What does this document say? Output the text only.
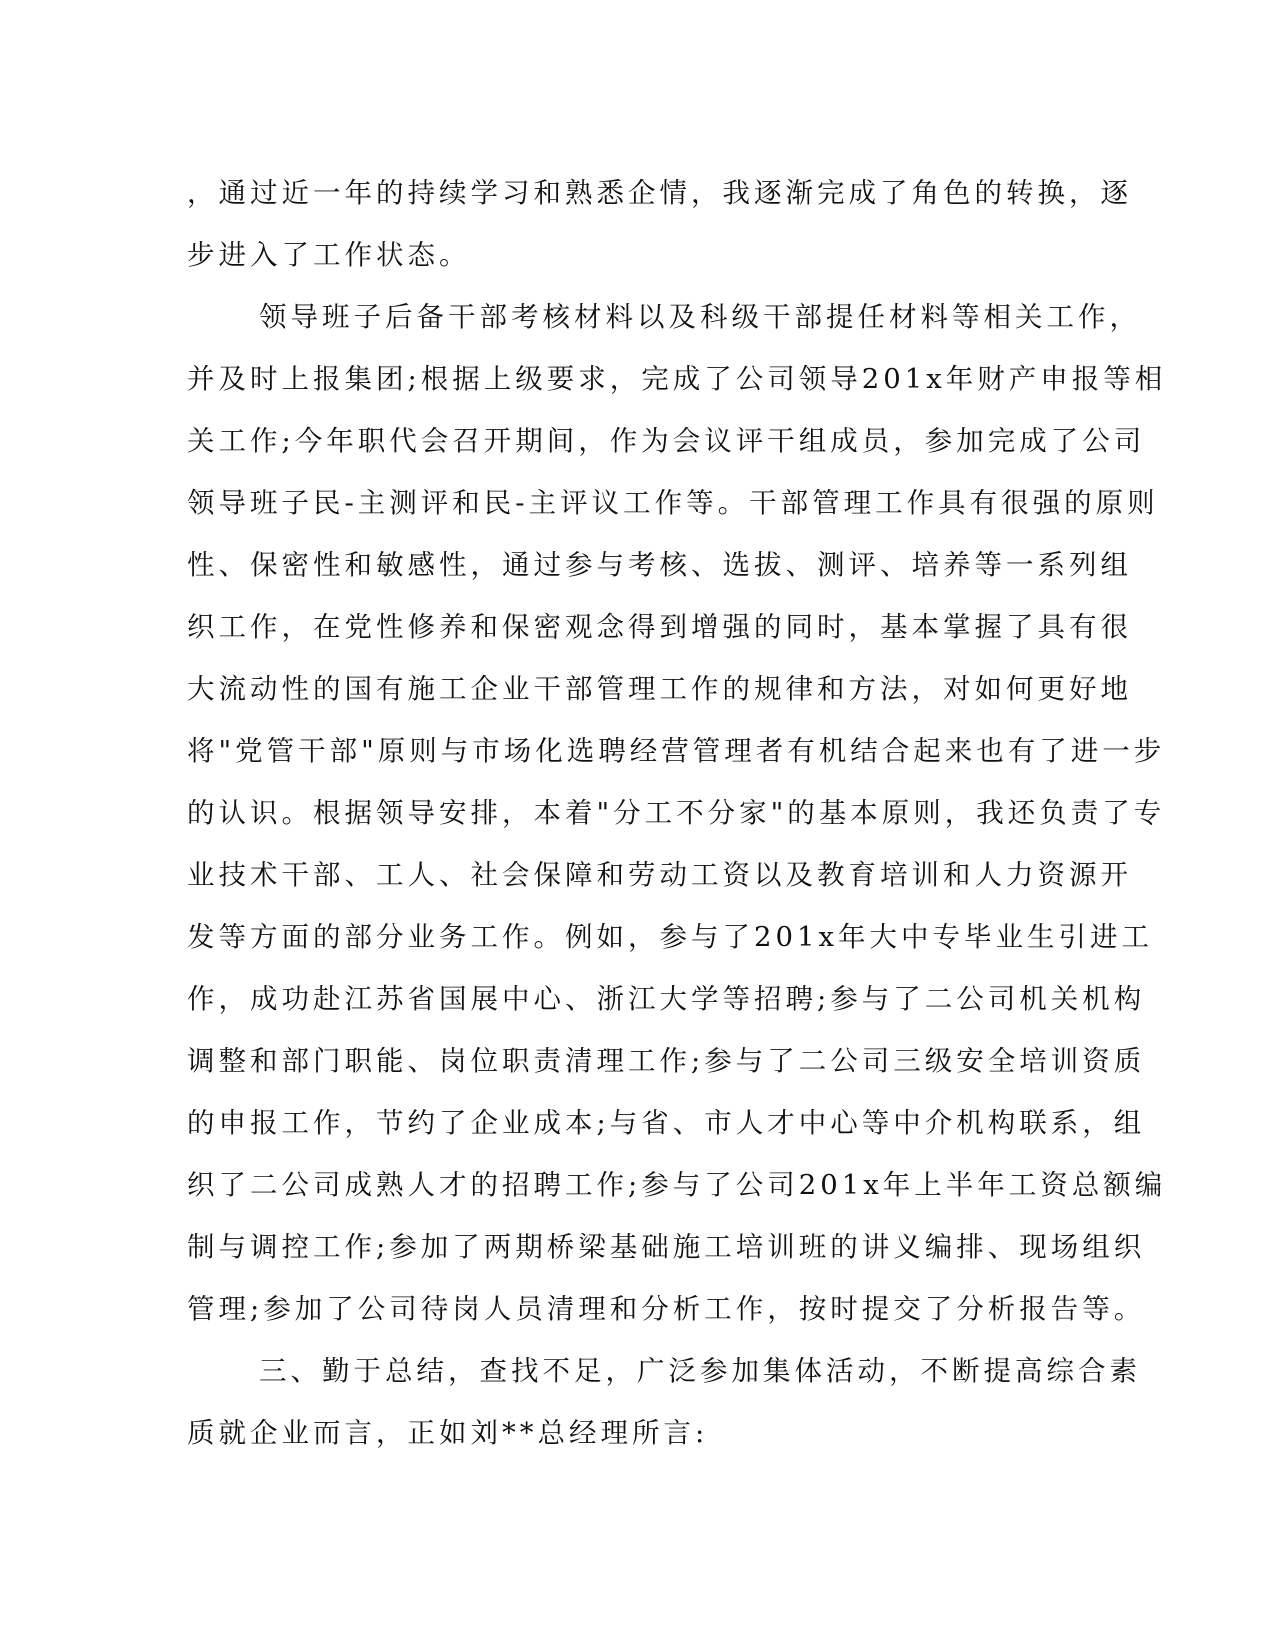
，通过近一年的持续学习和熟悉企情，我逐渐完成了角色的转换，逐
步进入了工作状态。
领导班子后备干部考核材料以及科级干部提任材料等相关工作，
并及时上报集团;根据上级要求，完成了公司领导201x年财产申报等相
关工作;今年职代会召开期间，作为会议评干组成员，参加完成了公司
领导班子民-主测评和民-主评议工作等。干部管理工作具有很强的原则
性、保密性和敏感性，通过参与考核、选拔、测评、培养等一系列组
织工作，在党性修养和保密观念得到增强的同时，基本掌握了具有很
大流动性的国有施工企业干部管理工作的规律和方法，对如何更好地
将"党管干部"原则与市场化选聘经营管理者有机结合起来也有了进一步
的认识。根据领导安排，本着"分工不分家"的基本原则，我还负责了专
业技术干部、工人、社会保障和劳动工资以及教育培训和人力资源开
发等方面的部分业务工作。例如，参与了201x年大中专毕业生引进工
作，成功赴江苏省国展中心、浙江大学等招聘;参与了二公司机关机构
调整和部门职能、岗位职责清理工作;参与了二公司三级安全培训资质
的申报工作，节约了企业成本;与省、市人才中心等中介机构联系，组
织了二公司成熟人才的招聘工作;参与了公司201x年上半年工资总额编
制与调控工作;参加了两期桥梁基础施工培训班的讲义编排、现场组织
管理;参加了公司待岗人员清理和分析工作，按时提交了分析报告等。
三、勤于总结，查找不足，广泛参加集体活动，不断提高综合素
质就企业而言，正如刘**总经理所言:
